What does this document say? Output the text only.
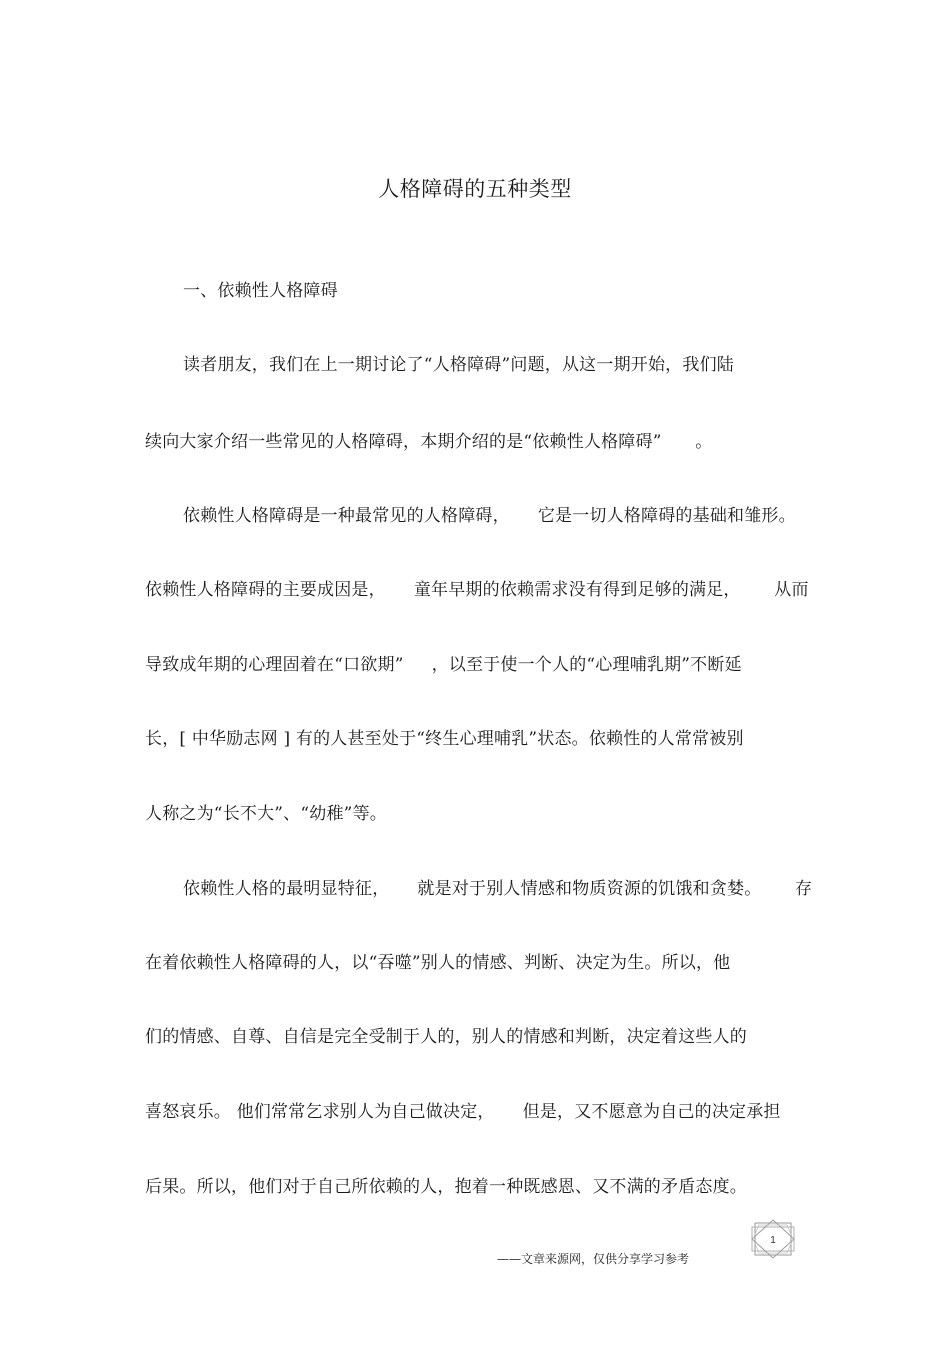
人格障碍的五种类型
一、依赖性人格障碍
读者朋友，我们在上一期讨论了“人格障碍”问题，从这一期开始，我们陆
续向大家介绍一些常见的人格障碍，本期介绍的是“依赖性人格障碍”      。
依赖性人格障碍是一种最常见的人格障碍，     它是一切人格障碍的基础和雏形。
依赖性人格障碍的主要成因是，     童年早期的依赖需求没有得到足够的满足，      从而
导致成年期的心理固着在“口欲期”     ，以至于使一个人的“心理哺乳期”不断延
长，[ 中华励志网 ] 有的人甚至处于“终生心理哺乳”状态。依赖性的人常常被别
人称之为“长不大”、“幼稚”等。
依赖性人格的最明显特征，     就是对于别人情感和物质资源的饥饿和贪婪。      存
在着依赖性人格障碍的人，以“吞噬”别人的情感、判断、决定为生。所以，他
们的情感、自尊、自信是完全受制于人的，别人的情感和判断，决定着这些人的
喜怒哀乐。 他们常常乞求别人为自己做决定，     但是，又不愿意为自己的决定承担
后果。所以，他们对于自己所依赖的人，抱着一种既感恩、又不满的矛盾态度。
1
——文章来源网，仅供分享学习参考
